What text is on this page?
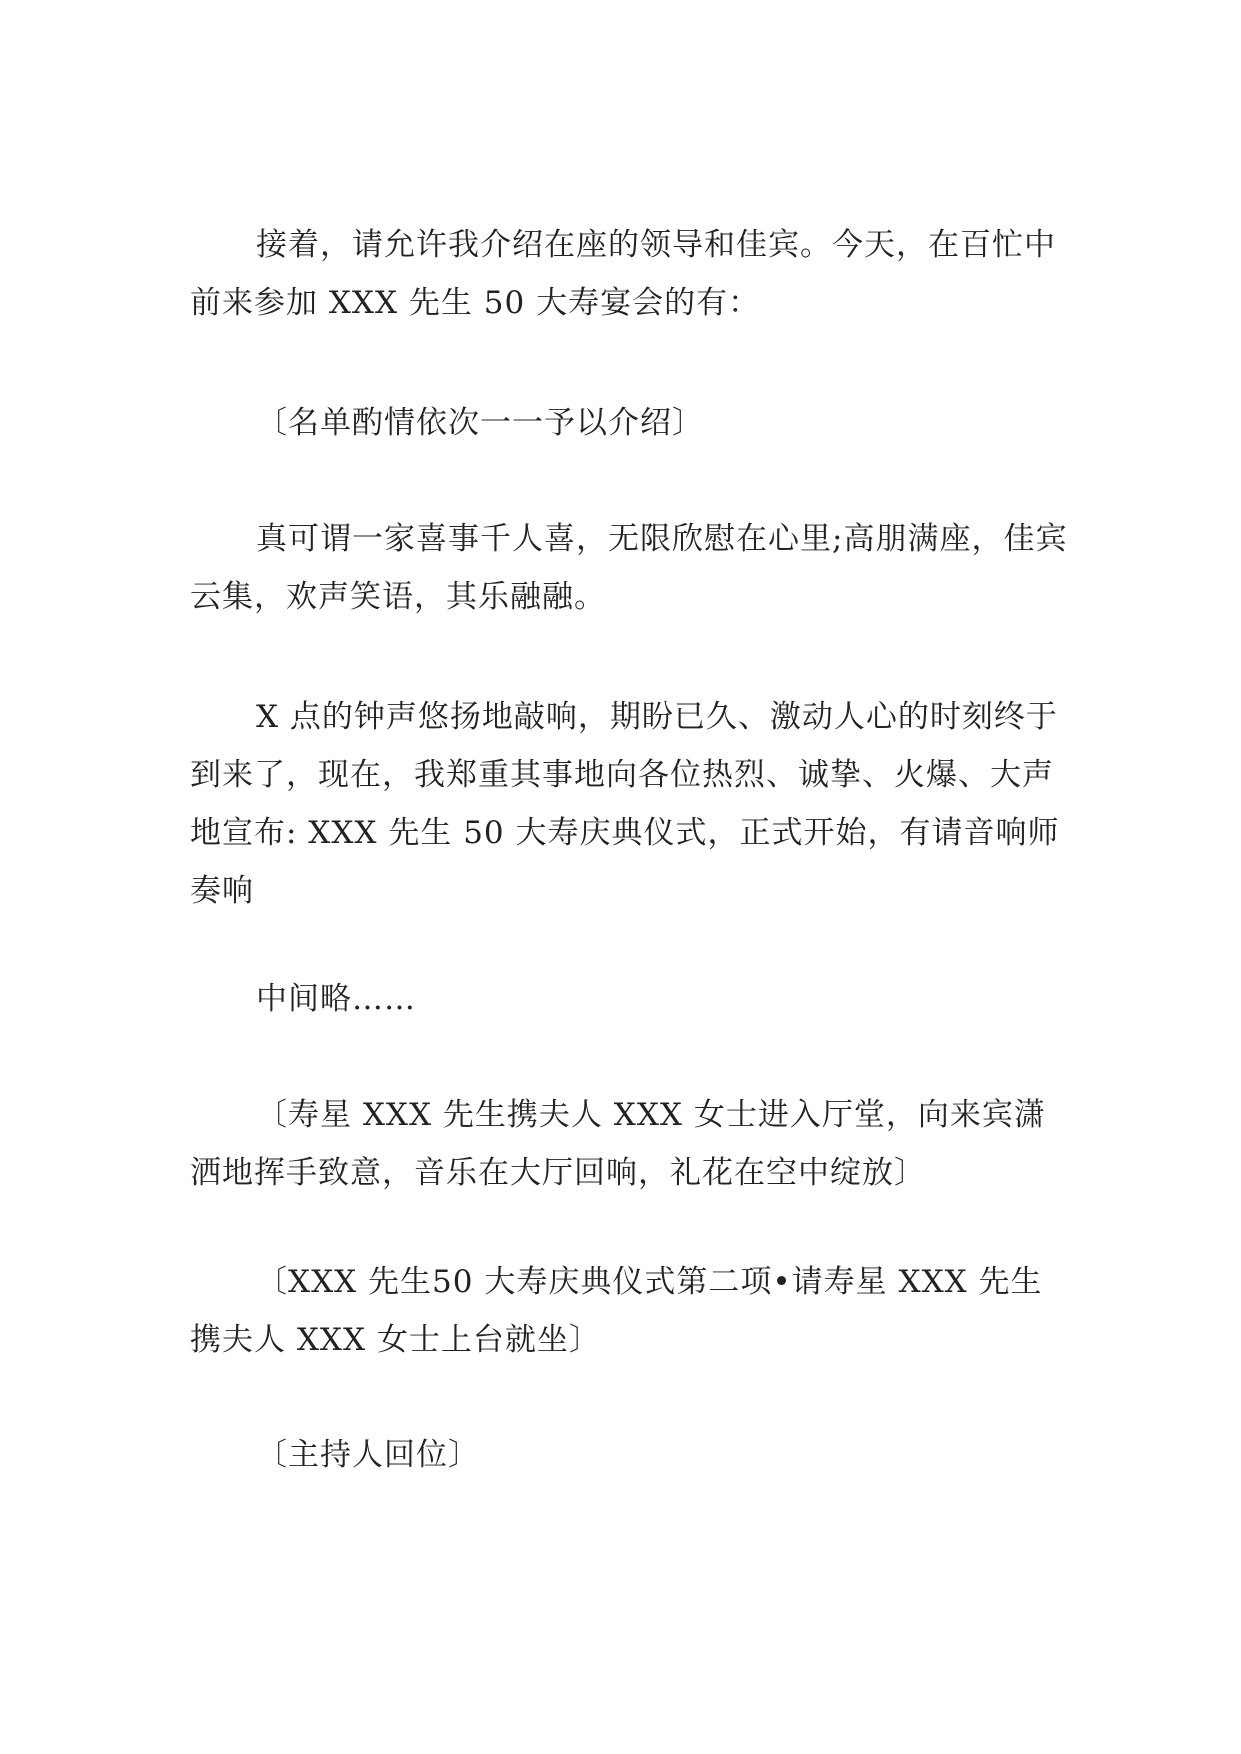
接着，请允许我介绍在座的领导和佳宾。今天，在百忙中前来参加 XXX 先生 50 大寿宴会的有：

〔名单酌情依次一一予以介绍〕

真可谓一家喜事千人喜，无限欣慰在心里;高朋满座，佳宾云集，欢声笑语，其乐融融。

X 点的钟声悠扬地敲响，期盼已久、激动人心的时刻终于到来了，现在，我郑重其事地向各位热烈、诚挚、火爆、大声地宣布: XXX 先生 50 大寿庆典仪式，正式开始，有请音响师奏响

中间略……

〔寿星 XXX 先生携夫人 XXX 女士进入厅堂，向来宾潇洒地挥手致意，音乐在大厅回响，礼花在空中绽放〕

〔XXX 先生50 大寿庆典仪式第二项•请寿星 XXX 先生携夫人 XXX 女士上台就坐〕

〔主持人回位〕
